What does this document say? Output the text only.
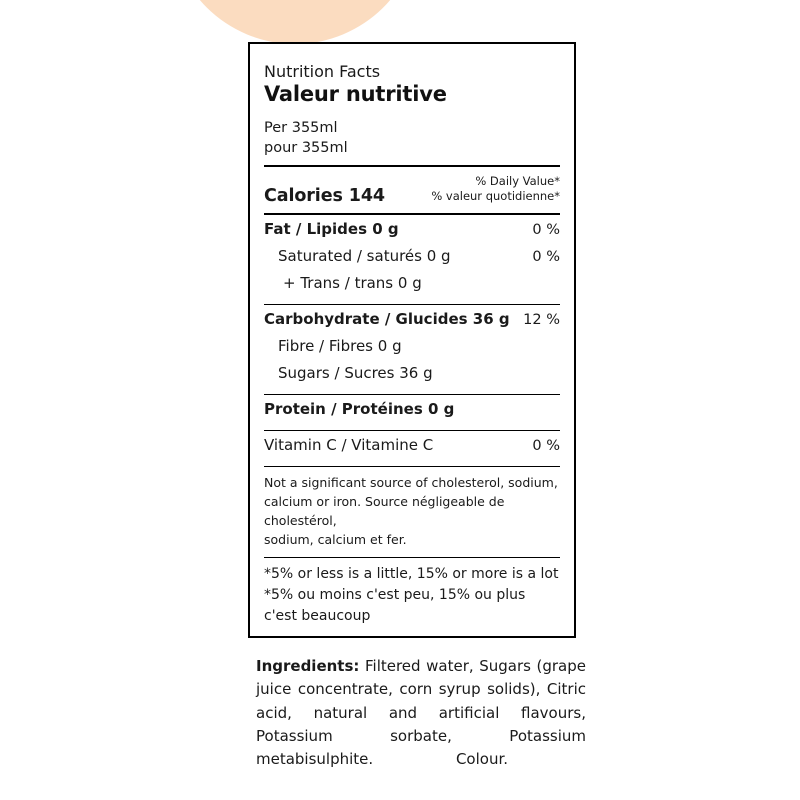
Nutrition Facts
Valeur nutritive
Per 355ml
pour 355ml
Calories 144
% Daily Value*
% valeur quotidienne*
Fat / Lipides 0 g	0 %
Saturated / saturés 0 g	0 %
+ Trans / trans 0 g
Carbohydrate / Glucides 36 g 12 %
Fibre / Fibres 0 g
Sugars / Sucres 36 g
Protein / Protéines 0 g
Vitamin C / Vitamine C	0 %
Not a significant source of cholesterol, sodium,
calcium or iron. Source négligeable de cholestérol,
sodium, calcium et fer.
*5% or less is a little, 15% or more is a lot
*5% ou moins c'est peu, 15% ou plus c'est beaucoup
Ingredients: Filtered water, Sugars (grape juice concentrate, corn syrup solids), Citric acid, natural and artificial flavours, Potassium sorbate, Potassium metabisulphite.	Colour.
